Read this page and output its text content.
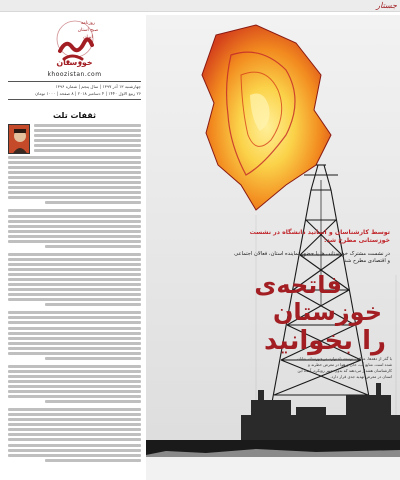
جستار
روزنامه
صبح استان
ایران
خوزستان
khoozistan.com
چهارشنبه ۱۳ آذر ۱۳۹۷ | سال پنجم | شماره ۱۳۹۶
۲۶ ربیع الاول ۱۴۴۰ | ۴ دسامبر ۲۰۱۸ | ۸ صفحه | ۱۰۰۰ تومان
ثقفات تلت
توسط کارشناسان و اساتید دانشگاه در نشست خوزستانی مطرح شد:
در نشست مشترک خوزستانی ها با حضور نماینده استان، فعالان اجتماعی و اقتصادی مطرح شد
فاتحه‌ی
خوزستان
را بخوانید
با گذر از دهه‌ها، عواقب توسعه نامتوازن در خوزستان نمایان شده است. منابع آب، خاک و هوا در معرض خطرند و کارشناسان هشدار می‌دهند که بدون تغییر رویکرد، آینده این استان در معرض تهدید جدی قرار دارد.
